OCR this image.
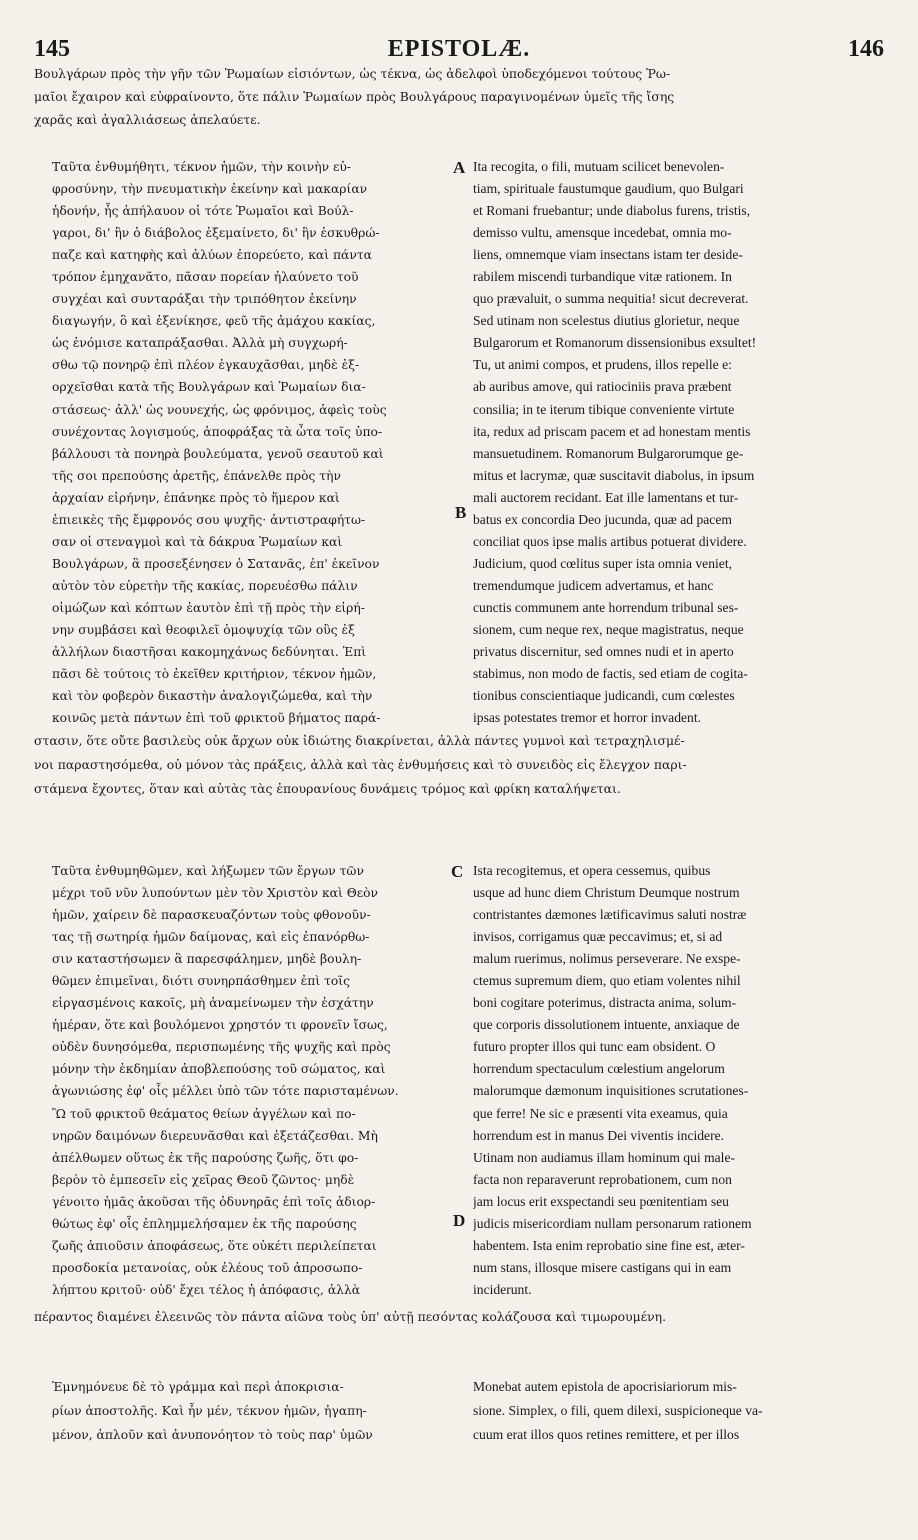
145	EPISTOLÆ.	146
Βουλγάρων πρὸς τὴν γῆν τῶν Ῥωμαίων εἰσιόντων, ὡς τέκνα, ὡς ἀδελφοὶ ὑποδεχόμενοι τούτους Ῥω-
μαῖοι ἔχαιρον καὶ εὐφραίνοντο, ὅτε πάλιν Ῥωμαίων πρὸς Βουλγάρους παραγινομένων ὑμεῖς τῆς ἴσης
χαρᾶς καὶ ἀγαλλιάσεως ἀπελαύετε.
Ταῦτα ἐνθυμήθητι, τέκνον ἡμῶν, τὴν κοινὴν εὐ-
φροσύνην, τὴν πνευματικὴν ἐκείνην καὶ μακαρίαν
ἡδονήν, ἧς ἀπήλαυον οἱ τότε Ῥωμαῖοι καὶ Βούλ-
γαροι, δι' ἣν ὁ διάβολος ἐξεμαίνετο, δι' ἣν ἐσκυθρώ-
παζε καὶ κατηφὴς καὶ ἀλύων ἐπορεύετο, καὶ πάντα
τρόπον ἐμηχανᾶτο, πᾶσαν πορείαν ἠλαύνετο τοῦ
συγχέαι καὶ συνταράξαι τὴν τριπόθητον ἐκείνην
διαγωγήν, ὃ καὶ ἐξενίκησε, φεῦ τῆς ἀμάχου κακίας,
ὡς ἐνόμισε καταπράξασθαι. Ἀλλὰ μὴ συγχωρή-
σθω τῷ πονηρῷ ἐπὶ πλέον ἐγκαυχᾶσθαι, μηδὲ ἐξ-
ορχεῖσθαι κατὰ τῆς Βουλγάρων καὶ Ῥωμαίων δια-
στάσεως· ἀλλ' ὡς νουνεχής, ὡς φρόνιμος, ἀφεὶς τοὺς
συνέχοντας λογισμούς, ἀποφράξας τὰ ὦτα τοῖς ὑπο-
βάλλουσι τὰ πονηρὰ βουλεύματα, γενοῦ σεαυτοῦ καὶ
τῆς σοι πρεπούσης ἀρετῆς, ἐπάνελθε πρὸς τὴν
ἀρχαίαν εἰρήνην, ἐπάνηκε πρὸς τὸ ἥμερον καὶ
ἐπιεικὲς τῆς ἔμφρονός σου ψυχῆς· ἀντιστραφήτω-
σαν οἱ στεναγμοὶ καὶ τὰ δάκρυα Ῥωμαίων καὶ
Βουλγάρων, ἃ προσεξένησεν ὁ Σατανᾶς, ἐπ' ἐκεῖνον
αὐτὸν τὸν εὑρετὴν τῆς κακίας, πορευέσθω πάλιν
οἰμώζων καὶ κόπτων ἑαυτὸν ἐπὶ τῇ πρὸς τὴν εἰρή-
νην συμβάσει καὶ θεοφιλεῖ ὁμοψυχίᾳ τῶν οὓς ἐξ
ἀλλήλων διαστῆσαι κακομηχάνως δεδύνηται. Ἐπὶ
πᾶσι δὲ τούτοις τὸ ἐκεῖθεν κριτήριον, τέκνον ἡμῶν,
καὶ τὸν φοβερὸν δικαστὴν ἀναλογιζώμεθα, καὶ τὴν
κοινῶς μετὰ πάντων ἐπὶ τοῦ φρικτοῦ βήματος παρά-
A Ita recogita, o fili, mutuam scilicet benevolen-
tiam, spirituale faustumque gaudium, quo Bulgari
et Romani fruebantur; unde diabolus furens, tristis,
demisso vultu, amensque incedebat, omnia mo-
liens, omnemque viam insectans istam ter deside-
rabilem miscendi turbandique vitæ rationem. In
quo prævaluit, o summa nequitia! sicut decreverat.
Sed utinam non scelestus diutius glorietur, neque
Bulgarorum et Romanorum dissensionibus exsultet!
Tu, ut animi compos, et prudens, illos repelle e:
ab auribus amove, qui ratiociniis prava præbent
consilia; in te iterum tibique conveniente virtute
ita, redux ad priscam pacem et ad honestam mentis
mansuetudinem. Romanorum Bulgarorumque ge-
mitus et lacrymæ, quæ suscitavit diabolus, in ipsum
mali auctorem recidant. Eat ille lamentans et tur-
batus ex concordia Deo jucunda, quæ ad pacem
conciliat quos ipse malis artibus potuerat dividere.
Judicium, quod cœlitus super ista omnia veniet,
tremendumque judicem advertamus, et hanc
cunctis communem ante horrendum tribunal ses-
sionem, cum neque rex, neque magistratus, neque
privatus discernitur, sed omnes nudi et in aperto
stabimus, non modo de factis, sed etiam de cogita-
tionibus conscientiaque judicandi, cum cœlestes
ipsas potestates tremor et horror invadent.
B
στασιν, ὅτε οὔτε βασιλεὺς οὐκ ἄρχων οὐκ ἰδιώτης διακρίνεται, ἀλλὰ πάντες γυμνοὶ καὶ τετραχηλισμέ-
νοι παραστησόμεθα, οὐ μόνον τὰς πράξεις, ἀλλὰ καὶ τὰς ἐνθυμήσεις καὶ τὸ συνειδὸς εἰς ἔλεγχον παρι-
στάμενα ἔχοντες, ὅταν καὶ αὐτὰς τὰς ἐπουρανίους δυνάμεις τρόμος καὶ φρίκη καταλήψεται.
Ταῦτα ἐνθυμηθῶμεν, καὶ λήξωμεν τῶν ἔργων τῶν
μέχρι τοῦ νῦν λυπούντων μὲν τὸν Χριστὸν καὶ Θεὸν
ἡμῶν, χαίρειν δὲ παρασκευαζόντων τοὺς φθονοῦν-
τας τῇ σωτηρίᾳ ἡμῶν δαίμονας, καὶ εἰς ἐπανόρθω-
σιν καταστήσωμεν ἃ παρεσφάλημεν, μηδὲ βουλη-
θῶμεν ἐπιμεῖναι, διότι συνηρπάσθημεν ἐπὶ τοῖς
εἰργασμένοις κακοῖς, μὴ ἀναμείνωμεν τὴν ἐσχάτην
ἡμέραν, ὅτε καὶ βουλόμενοι χρηστόν τι φρονεῖν ἴσως,
οὐδὲν δυνησόμεθα, περισπωμένης τῆς ψυχῆς καὶ πρὸς
μόνην τὴν ἐκδημίαν ἀποβλεπούσης τοῦ σώματος, καὶ
ἀγωνιώσης ἐφ' οἷς μέλλει ὑπὸ τῶν τότε παρισταμένων.
Ὢ τοῦ φρικτοῦ θεάματος θείων ἀγγέλων καὶ πο-
νηρῶν δαιμόνων διερευνᾶσθαι καὶ ἐξετάζεσθαι. Μὴ
ἀπέλθωμεν οὕτως ἐκ τῆς παρούσης ζωῆς, ὅτι φο-
βερὸν τὸ ἐμπεσεῖν εἰς χεῖρας Θεοῦ ζῶντος· μηδὲ
γένοιτο ἡμᾶς ἀκοῦσαι τῆς ὀδυνηρᾶς ἐπὶ τοῖς ἀδιορ-
θώτως ἐφ' οἷς ἐπλημμελήσαμεν ἐκ τῆς παρούσης
ζωῆς ἀπιοῦσιν ἀποφάσεως, ὅτε οὐκέτι περιλείπεται
προσδοκία μετανοίας, οὐκ ἐλέους τοῦ ἀπροσωπο-
λήπτου κριτοῦ· οὐδ' ἔχει τέλος ἡ ἀπόφασις, ἀλλὰ
C Ista recogitemus, et opera cessemus, quibus
usque ad hunc diem Christum Deumque nostrum
contristantes dæmones lætificavimus saluti nostræ
invisos, corrigamus quæ peccavimus; et, si ad
malum ruerimus, nolimus perseverare. Ne exspe-
ctemus supremum diem, quo etiam volentes nihil
boni cogitare poterimus, distracta anima, solum-
que corporis dissolutionem intuente, anxiaque de
futuro propter illos qui tunc eam obsident. O
horrendum spectaculum cœlestium angelorum
malorumque dæmonum inquisitiones scrutationes-
que ferre! Ne sic e præsenti vita exeamus, quia
horrendum est in manus Dei viventis incidere.
Utinam non audiamus illam hominum qui male-
facta non reparaverunt reprobationem, cum non
jam locus erit exspectandi seu pœnitentiam seu
judicis misericordiam nullam personarum rationem
habentem. Ista enim reprobatio sine fine est, æter-
num stans, illosque misere castigans qui in eam
inciderunt.
D
πέραντος διαμένει ἐλεεινῶς τὸν πάντα αἰῶνα τοὺς ὑπ' αὐτῇ πεσόντας κολάζουσα καὶ τιμωρουμένη.
Ἐμνημόνευε δὲ τὸ γράμμα καὶ περὶ ἀποκρισια-
ρίων ἀποστολῆς. Καὶ ἦν μέν, τέκνον ἡμῶν, ἠγαπη-
μένον, ἁπλοῦν καὶ ἀνυπονόητον τὸ τοὺς παρ' ὑμῶν
Monebat autem epistola de apocrisiariorum mis-
sione. Simplex, o fili, quem dilexi, suspicioneque va-
cuum erat illos quos retines remittere, et per illos
